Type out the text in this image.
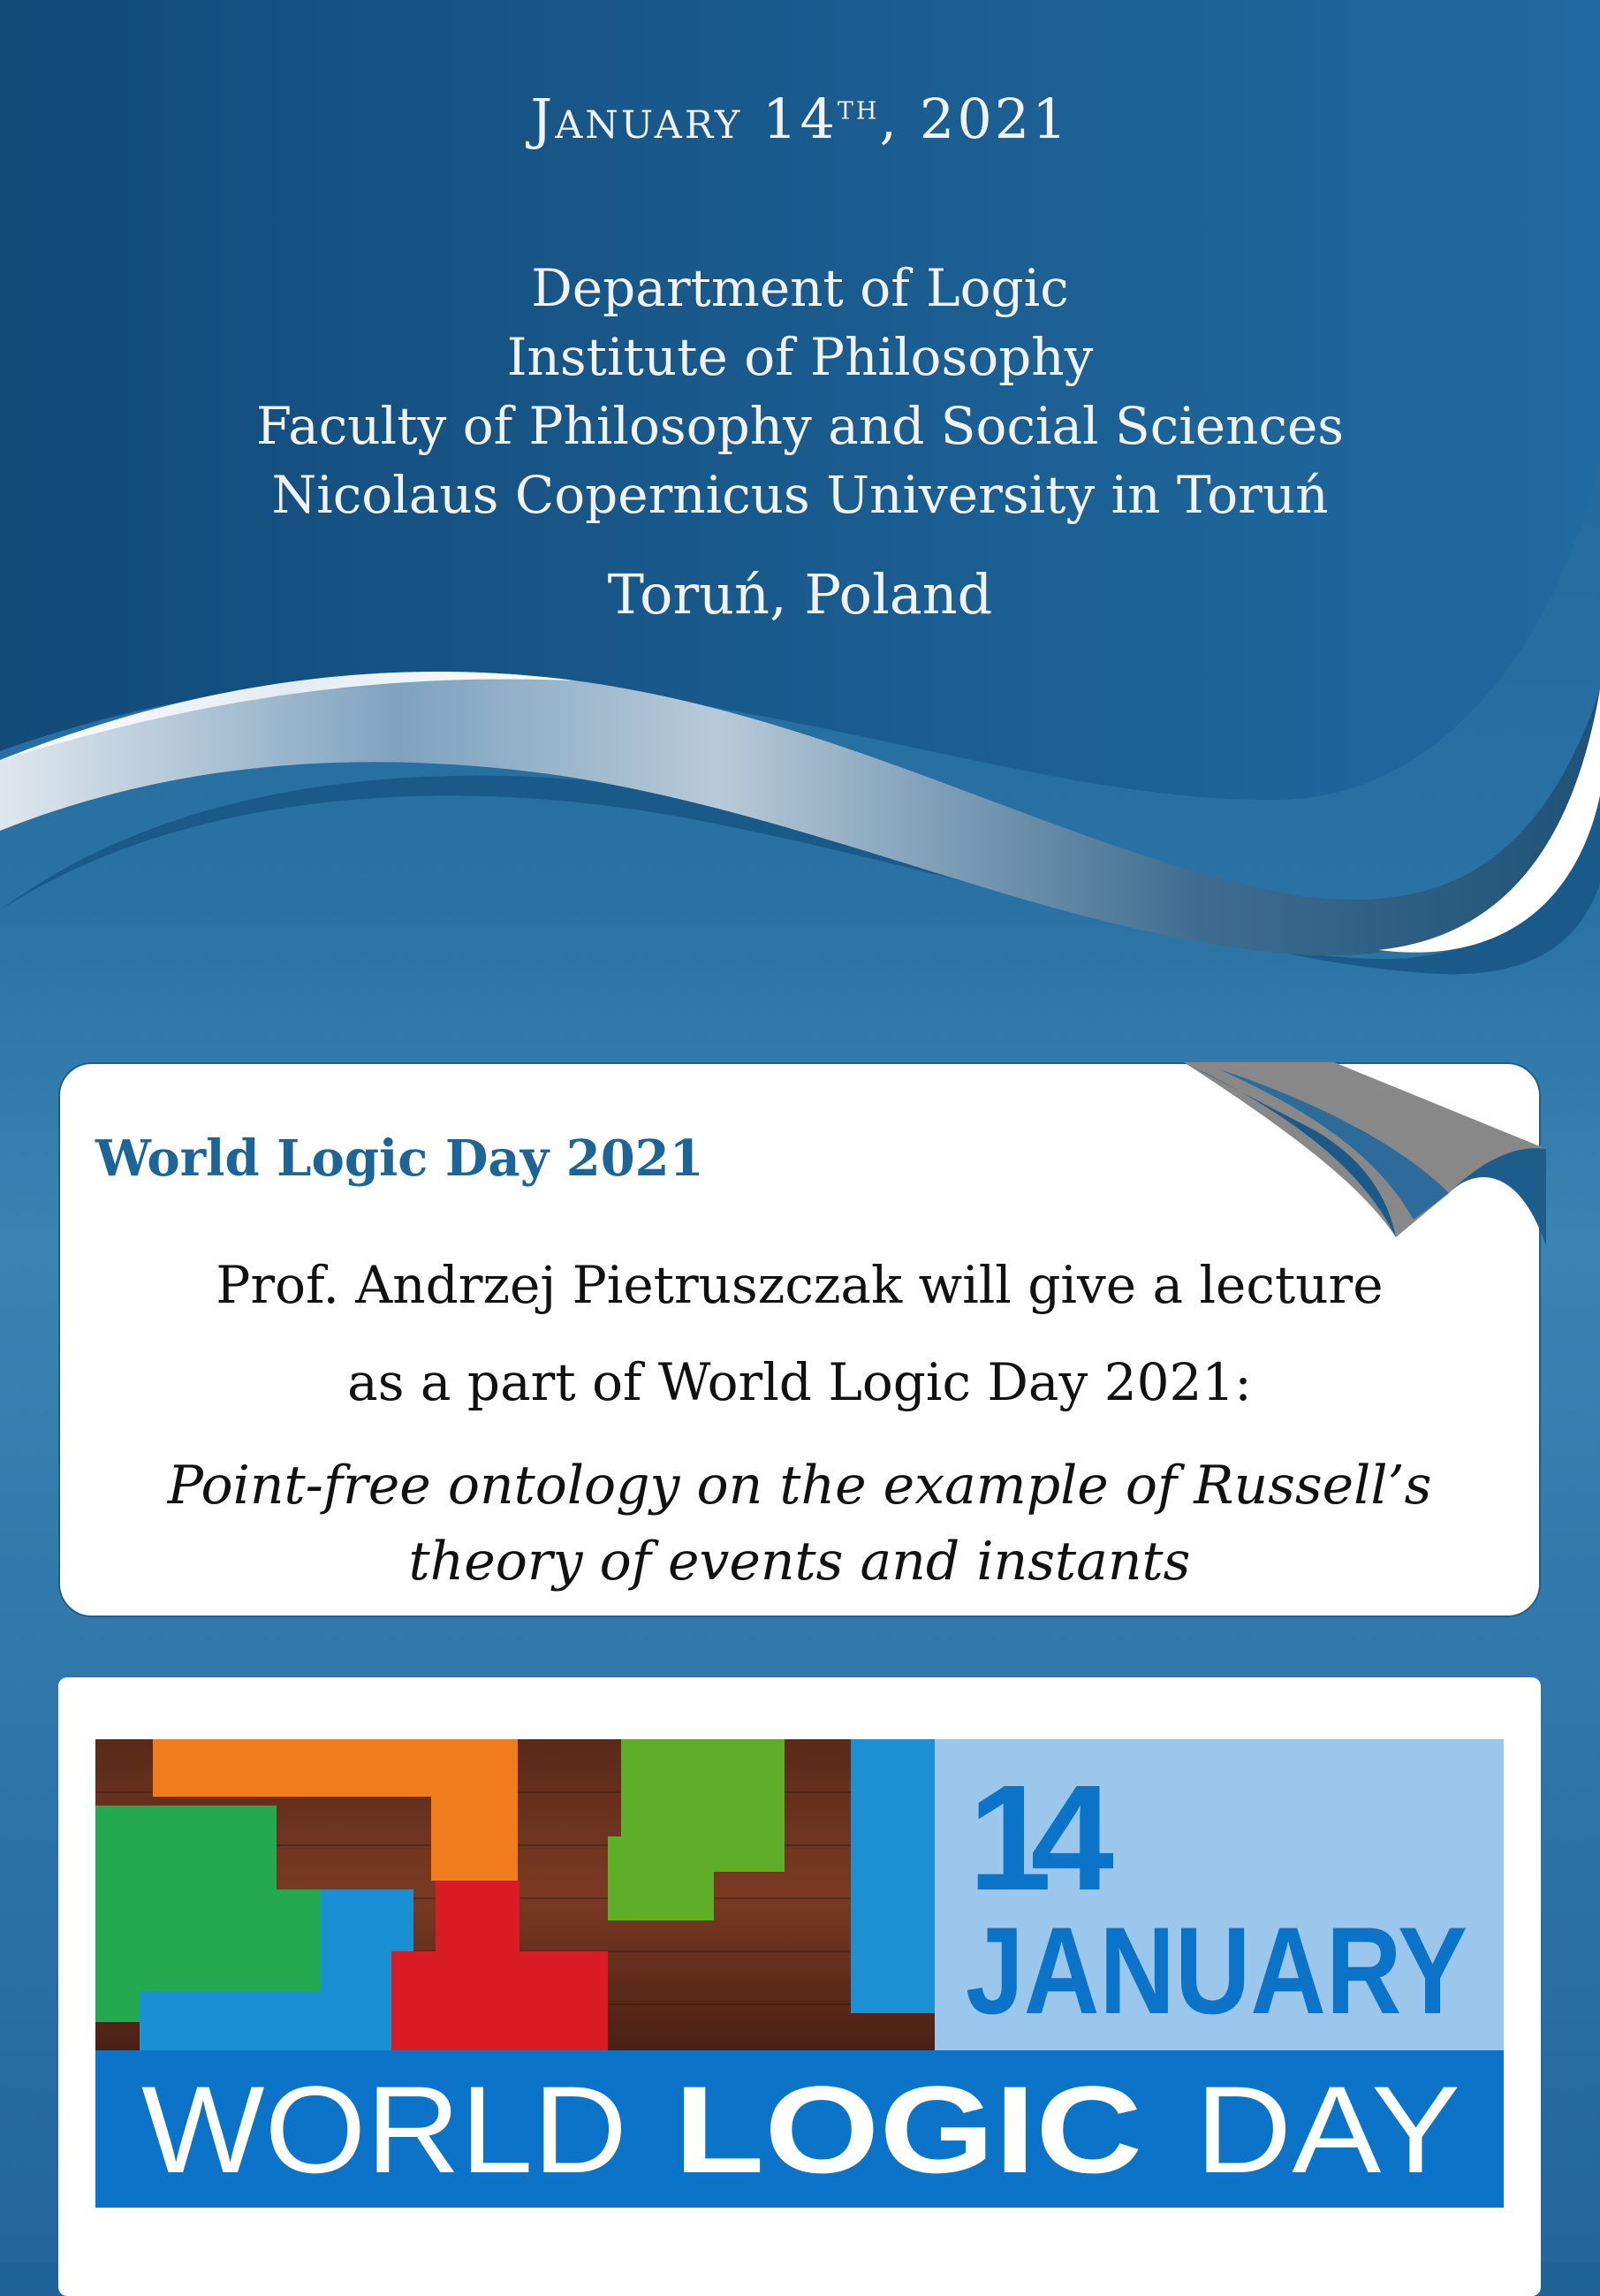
January 14th, 2021
Department of Logic
Institute of Philosophy
Faculty of Philosophy and Social Sciences
Nicolaus Copernicus University in Toruń
Toruń, Poland
World Logic Day 2021
Prof. Andrzej Pietruszczak will give a lecture
as a part of World Logic Day 2021:
Point-free ontology on the example of Russell’s theory of events and instants
14
JANUARY
WORLD LOGIC DAY
